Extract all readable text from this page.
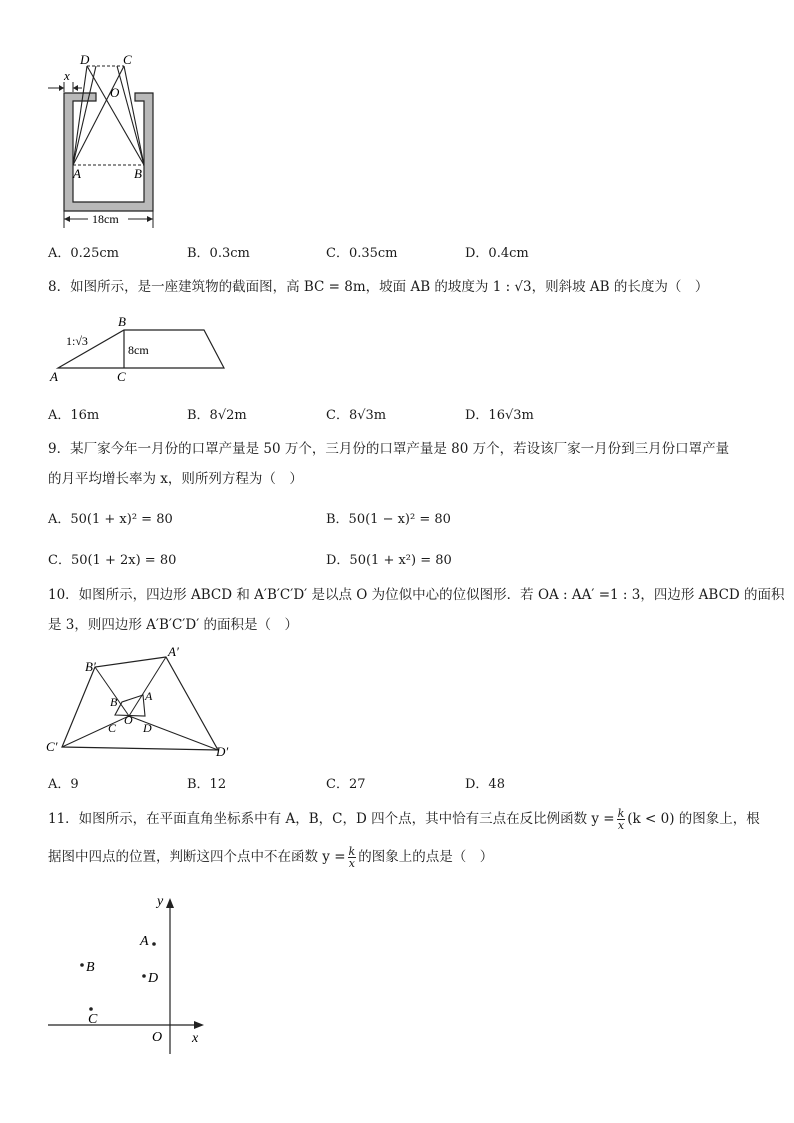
D	C
O
x
A	B
18cm
A．0.25cm	B．0.3cm	C．0.35cm	D．0.4cm
8．如图所示，是一座建筑物的截面图，高 BC = 8m，坡面 AB 的坡度为 1 : √3，则斜坡 AB 的长度为（　）
B
A	C
1:√3
8cm
A．16m	B．8√2m	C．8√3m	D．16√3m
9．某厂家今年一月份的口罩产量是 50 万个，三月份的口罩产量是 80 万个，若设该厂家一月份到三月份口罩产量
的月平均增长率为 x，则所列方程为（　）
A．50(1 + x)² = 80	B．50(1 − x)² = 80
C．50(1 + 2x) = 80	D．50(1 + x²) = 80
10．如图所示，四边形 ABCD 和 A′B′C′D′ 是以点 O 为位似中心的位似图形．若 OA : AA′ =1 : 3，四边形 ABCD 的面积
是 3，则四边形 A′B′C′D′ 的面积是（　）
A′
B′
C′	D′
A
B
C D
O
A．9	B．12	C．27	D．48
11．如图所示，在平面直角坐标系中有 A，B，C，D 四个点，其中恰有三点在反比例函数 $y = \frac{k}{x} (k < 0)$ 的图象上，根
据图中四点的位置，判断这四个点中不在函数 $y = \frac{k}{x}$ 的图象上的点是（　）
y
x
O
A
B
D
C
